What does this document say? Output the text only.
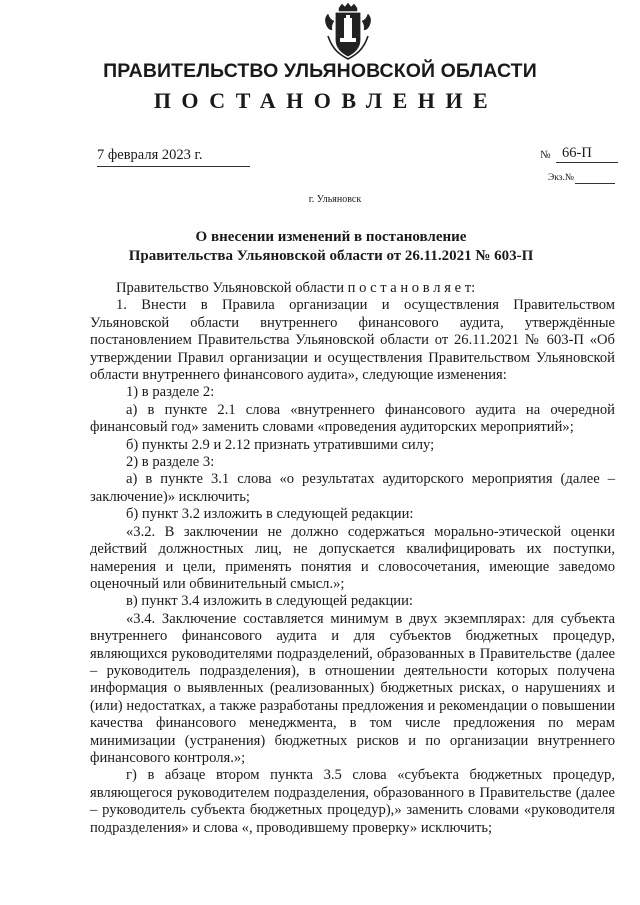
ПРАВИТЕЛЬСТВО УЛЬЯНОВСКОЙ ОБЛАСТИ
ПОСТАНОВЛЕНИЕ
7 февраля 2023 г.	№ 66-П
Экз.№
г. Ульяновск
О внесении изменений в постановление
Правительства Ульяновской области от 26.11.2021 № 603-П

Правительство Ульяновской области п о с т а н о в л я е т:

1. Внести в Правила организации и осуществления Правительством Ульяновской области внутреннего финансового аудита, утверждённые постановлением Правительства Ульяновской области от 26.11.2021 № 603-П «Об утверждении Правил организации и осуществления Правительством Ульяновской области внутреннего финансового аудита», следующие изменения:

1) в разделе 2:

а) в пункте 2.1 слова «внутреннего финансового аудита на очередной финансовый год» заменить словами «проведения аудиторских мероприятий»;

б) пункты 2.9 и 2.12 признать утратившими силу;

2) в разделе 3:

а) в пункте 3.1 слова «о результатах аудиторского мероприятия (далее – заключение)» исключить;

б) пункт 3.2 изложить в следующей редакции:

«3.2. В заключении не должно содержаться морально-этической оценки действий должностных лиц, не допускается квалифицировать их поступки, намерения и цели, применять понятия и словосочетания, имеющие заведомо оценочный или обвинительный смысл.»;

в) пункт 3.4 изложить в следующей редакции:

«3.4. Заключение составляется минимум в двух экземплярах: для субъекта внутреннего финансового аудита и для субъектов бюджетных процедур, являющихся руководителями подразделений, образованных в Правительстве (далее – руководитель подразделения), в отношении деятельности которых получена информация о выявленных (реализованных) бюджетных рисках, о нарушениях и (или) недостатках, а также разработаны предложения и рекомендации о повышении качества финансового менеджмента, в том числе предложения по мерам минимизации (устранения) бюджетных рисков и по организации внутреннего финансового контроля.»;

г) в абзаце втором пункта 3.5 слова «субъекта бюджетных процедур, являющегося руководителем подразделения, образованного в Правительстве (далее – руководитель субъекта бюджетных процедур),» заменить словами «руководителя подразделения» и слова «, проводившему проверку» исключить;
